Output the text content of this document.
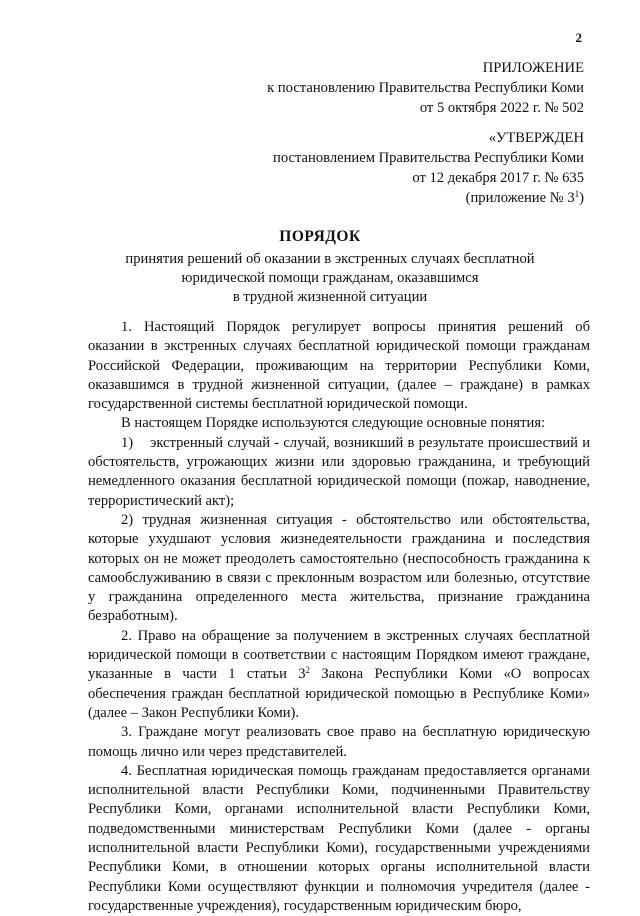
2
ПРИЛОЖЕНИЕ
к постановлению Правительства Республики Коми
от 5 октября 2022 г. № 502
«УТВЕРЖДЕН
постановлением Правительства Республики Коми
от 12 декабря 2017 г. № 635
(приложение № $3^1$)
ПОРЯДОК
принятия решений об оказании в экстренных случаях бесплатной
юридической помощи гражданам, оказавшимся
в трудной жизненной ситуации

1. Настоящий Порядок регулирует вопросы принятия решений об оказании в экстренных случаях бесплатной юридической помощи гражданам Российской Федерации, проживающим на территории Республики Коми, оказавшимся в трудной жизненной ситуации, (далее – граждане) в рамках государственной системы бесплатной юридической помощи.

В настоящем Порядке используются следующие основные понятия:

1)    экстренный случай - случай, возникший в результате происшествий и обстоятельств, угрожающих жизни или здоровью гражданина, и требующий немедленного оказания бесплатной юридической помощи (пожар, наводнение, террористический акт);

2) трудная жизненная ситуация - обстоятельство или обстоятельства, которые ухудшают условия жизнедеятельности гражданина и последствия которых он не может преодолеть самостоятельно (неспособность гражданина к самообслуживанию в связи с преклонным возрастом или болезнью, отсутствие у гражданина определенного места жительства, признание гражданина безработным).

2. Право на обращение за получением в экстренных случаях бесплатной юридической помощи в соответствии с настоящим Порядком имеют граждане, указанные в части 1 статьи $3^2$ Закона Республики Коми «О вопросах обеспечения граждан бесплатной юридической помощью в Республике Коми» (далее – Закон Республики Коми).

3. Граждане могут реализовать свое право на бесплатную юридическую помощь лично или через представителей.

4. Бесплатная юридическая помощь гражданам предоставляется органами исполнительной власти Республики Коми, подчиненными Правительству Республики Коми, органами исполнительной власти Республики Коми, подведомственными министерствам Республики Коми (далее - органы исполнительной власти Республики Коми), государственными учреждениями Республики Коми, в отношении которых органы исполнительной власти Республики Коми осуществляют функции и полномочия учредителя (далее - государственные учреждения), государственным юридическим бюро,
